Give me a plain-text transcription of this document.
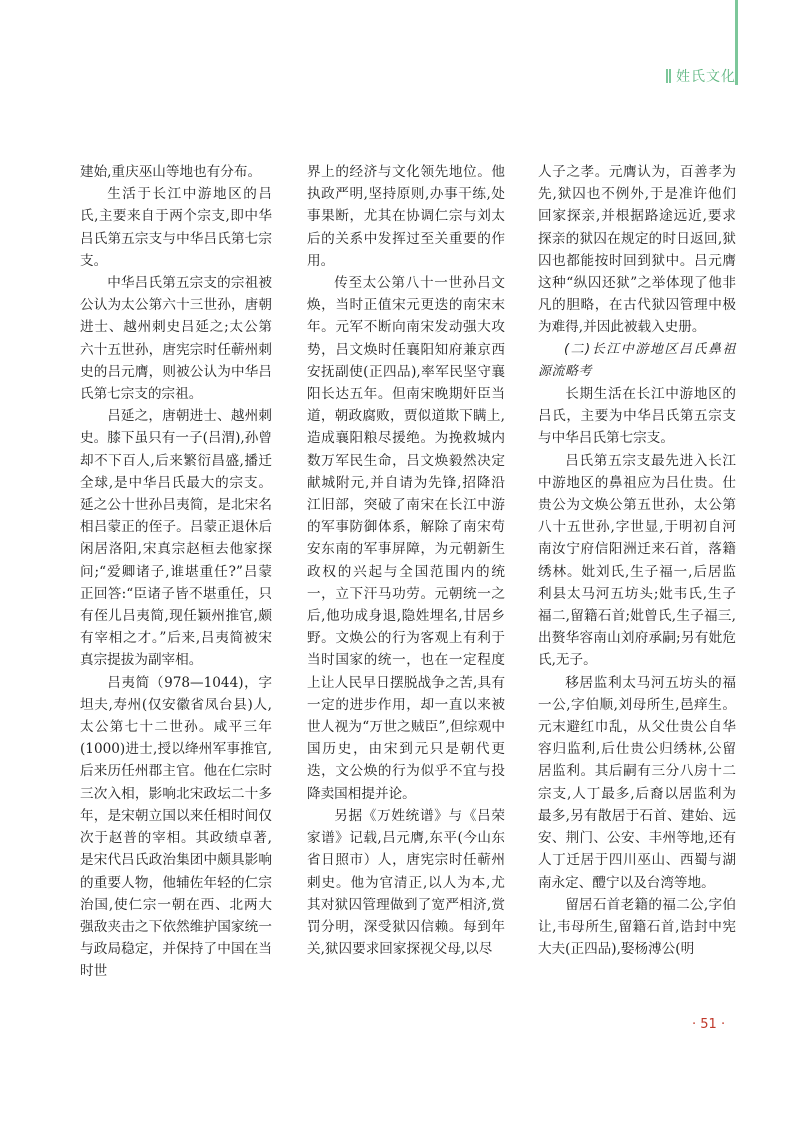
姓氏文化

建始,重庆巫山等地也有分布。

生活于长江中游地区的吕氏,主要来自于两个宗支,即中华吕氏第五宗支与中华吕氏第七宗支。

中华吕氏第五宗支的宗祖被公认为太公第六十三世孙，唐朝进士、越州刺史吕延之;太公第六十五世孙，唐宪宗时任蕲州刺史的吕元膺，则被公认为中华吕氏第七宗支的宗祖。

吕延之，唐朝进士、越州刺史。膝下虽只有一子(吕渭),孙曾却不下百人,后来繁衍昌盛,播迁全球,是中华吕氏最大的宗支。延之公十世孙吕夷简，是北宋名相吕蒙正的侄子。吕蒙正退休后闲居洛阳,宋真宗赵桓去他家探问;“爱卿诸子,谁堪重任?”吕蒙正回答:“臣诸子皆不堪重任，只有侄儿吕夷简,现任颖州推官,颇有宰相之才。”后来,吕夷简被宋真宗提拔为副宰相。

吕夷简（978—1044)，字坦夫,寿州(仅安徽省凤台县)人,太公第七十二世孙。咸平三年(1000)进士,授以绛州军事推官,后来历任州郡主官。他在仁宗时三次入相，影响北宋政坛二十多年，是宋朝立国以来任相时间仅次于赵普的宰相。其政绩卓著,是宋代吕氏政治集团中颇具影响的重要人物，他辅佐年轻的仁宗治国,使仁宗一朝在西、北两大强敌夹击之下依然维护国家统一与政局稳定，并保持了中国在当时世

界上的经济与文化领先地位。他执政严明,坚持原则,办事干练,处事果断，尤其在协调仁宗与刘太后的关系中发挥过至关重要的作用。

传至太公第八十一世孙吕文焕，当时正值宋元更迭的南宋末年。元军不断向南宋发动强大攻势，吕文焕时任襄阳知府兼京西安抚副使(正四品),率军民坚守襄阳长达五年。但南宋晚期奸臣当道，朝政腐败，贾似道欺下瞒上,造成襄阳粮尽援绝。为挽救城内数万军民生命，吕文焕毅然决定献城附元,并自请为先锋,招降沿江旧部，突破了南宋在长江中游的军事防御体系，解除了南宋苟安东南的军事屏障，为元朝新生政权的兴起与全国范围内的统一，立下汗马功劳。元朝统一之后,他功成身退,隐姓埋名,甘居乡野。文焕公的行为客观上有利于当时国家的统一，也在一定程度上让人民早日摆脱战争之苦,具有一定的进步作用，却一直以来被世人视为“万世之贼臣”,但综观中国历史，由宋到元只是朝代更迭，文公焕的行为似乎不宜与投降卖国相提并论。

另据《万姓统谱》与《吕荣家谱》记载,吕元膺,东平(今山东省日照市）人，唐宪宗时任蕲州刺史。他为官清正,以人为本,尤其对狱囚管理做到了宽严相济,赏罚分明，深受狱囚信赖。每到年关,狱囚要求回家探视父母,以尽

人子之孝。元膺认为，百善孝为先,狱囚也不例外,于是准许他们回家探亲,并根据路途远近,要求探亲的狱囚在规定的时日返回,狱囚也都能按时回到狱中。吕元膺这种“纵囚还狱”之举体现了他非凡的胆略，在古代狱囚管理中极为难得,并因此被载入史册。

(二)长江中游地区吕氏鼻祖源流略考

长期生活在长江中游地区的吕氏，主要为中华吕氏第五宗支与中华吕氏第七宗支。

吕氏第五宗支最先进入长江中游地区的鼻祖应为吕仕贵。仕贵公为文焕公第五世孙，太公第八十五世孙,字世显,于明初自河南汝宁府信阳洲迁来石首，落籍绣林。妣刘氏,生子福一,后居监利县太马河五坊头;妣韦氏,生子福二,留籍石首;妣曾氏,生子福三,出赘华容南山刘府承嗣;另有妣危氏,无子。

移居监利太马河五坊头的福一公,字伯顺,刘母所生,邑痒生。元末避红巾乱，从父仕贵公自华容归监利,后仕贵公归绣林,公留居监利。其后嗣有三分八房十二宗支,人丁最多,后裔以居监利为最多,另有散居于石首、建始、远安、荆门、公安、丰州等地,还有人丁迁居于四川巫山、西蜀与湖南永定、醴宁以及台湾等地。

留居石首老籍的福二公,字伯让,韦母所生,留籍石首,诰封中宪大夫(正四品),娶杨溥公(明

· 51 ·
